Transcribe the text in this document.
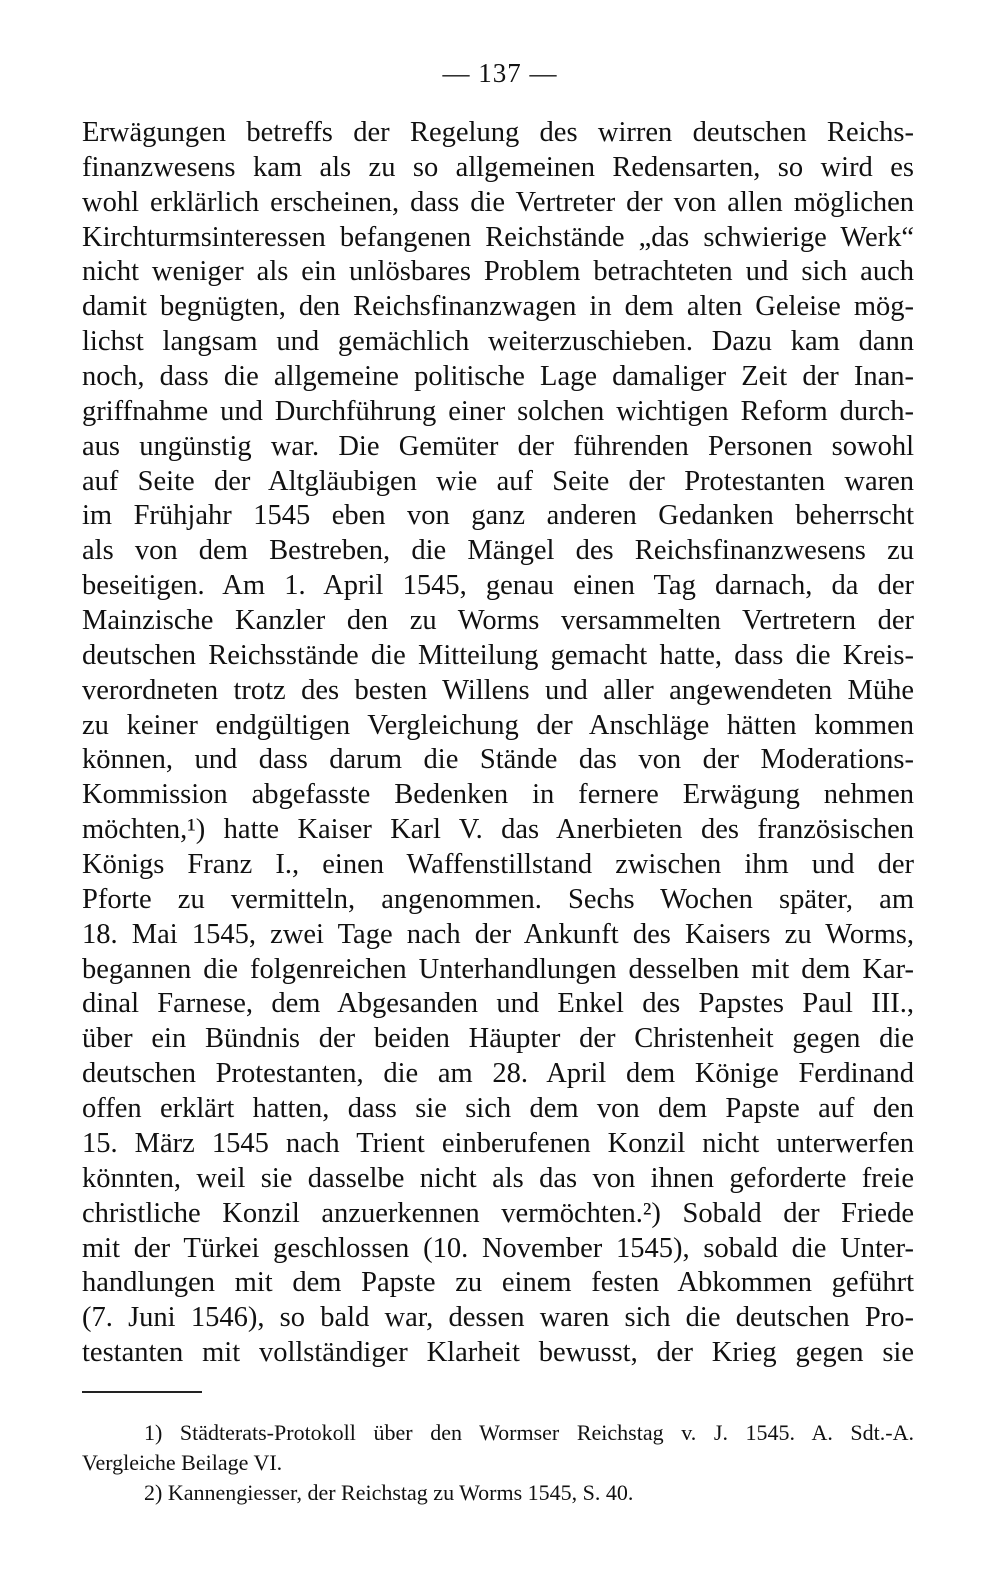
— 137 —
Erwägungen betreffs der Regelung des wirren deutschen Reichs-
finanzwesens kam als zu so allgemeinen Redensarten, so wird es
wohl erklärlich erscheinen, dass die Vertreter der von allen möglichen
Kirchturmsinteressen befangenen Reichstände „das schwierige Werk“
nicht weniger als ein unlösbares Problem betrachteten und sich auch
damit begnügten, den Reichsfinanzwagen in dem alten Geleise mög-
lichst langsam und gemächlich weiterzuschieben. Dazu kam dann
noch, dass die allgemeine politische Lage damaliger Zeit der Inan-
griffnahme und Durchführung einer solchen wichtigen Reform durch-
aus ungünstig war. Die Gemüter der führenden Personen sowohl
auf Seite der Altgläubigen wie auf Seite der Protestanten waren
im Frühjahr 1545 eben von ganz anderen Gedanken beherrscht
als von dem Bestreben, die Mängel des Reichsfinanzwesens zu
beseitigen. Am 1. April 1545, genau einen Tag darnach, da der
Mainzische Kanzler den zu Worms versammelten Vertretern der
deutschen Reichsstände die Mitteilung gemacht hatte, dass die Kreis-
verordneten trotz des besten Willens und aller angewendeten Mühe
zu keiner endgültigen Vergleichung der Anschläge hätten kommen
können, und dass darum die Stände das von der Moderations-
Kommission abgefasste Bedenken in fernere Erwägung nehmen
möchten,¹) hatte Kaiser Karl V. das Anerbieten des französischen
Königs Franz I., einen Waffenstillstand zwischen ihm und der
Pforte zu vermitteln, angenommen. Sechs Wochen später, am
18. Mai 1545, zwei Tage nach der Ankunft des Kaisers zu Worms,
begannen die folgenreichen Unterhandlungen desselben mit dem Kar-
dinal Farnese, dem Abgesanden und Enkel des Papstes Paul III.,
über ein Bündnis der beiden Häupter der Christenheit gegen die
deutschen Protestanten, die am 28. April dem Könige Ferdinand
offen erklärt hatten, dass sie sich dem von dem Papste auf den
15. März 1545 nach Trient einberufenen Konzil nicht unterwerfen
könnten, weil sie dasselbe nicht als das von ihnen geforderte freie
christliche Konzil anzuerkennen vermöchten.²) Sobald der Friede
mit der Türkei geschlossen (10. November 1545), sobald die Unter-
handlungen mit dem Papste zu einem festen Abkommen geführt
(7. Juni 1546), so bald war, dessen waren sich die deutschen Pro-
testanten mit vollständiger Klarheit bewusst, der Krieg gegen sie
1) Städterats-Protokoll über den Wormser Reichstag v. J. 1545. A. Sdt.-A.
Vergleiche Beilage VI.
2) Kannengiesser, der Reichstag zu Worms 1545, S. 40.
